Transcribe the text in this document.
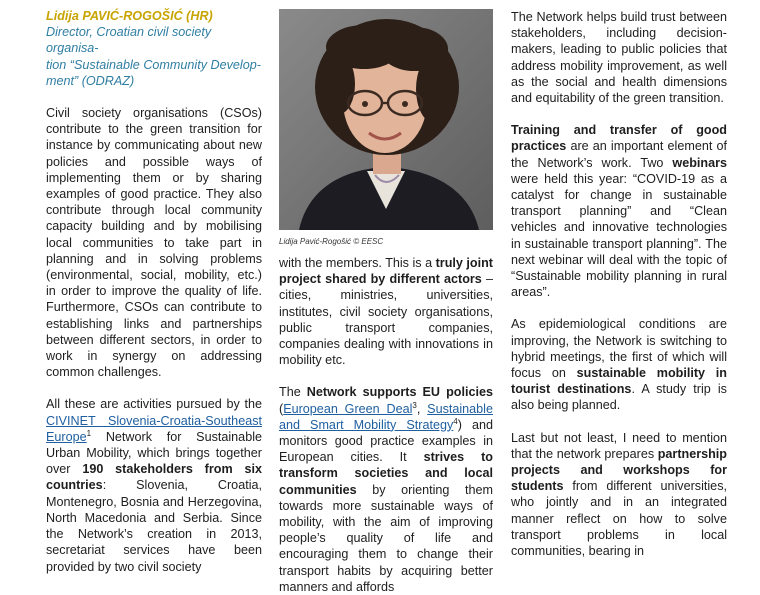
Lidija PAVIĆ-ROGOŠIĆ (HR)

Director, Croatian civil society organisa-
tion “Sustainable Community Develop-
ment” (ODRAZ)

Civil society organisations (CSOs) contribute to the green transition for instance by communicating about new policies and possible ways of implementing them or by sharing examples of good practice. They also contribute through local community capacity building and by mobilising local communities to take part in planning and in solving problems (environmental, social, mobility, etc.) in order to improve the quality of life. Furthermore, CSOs can contribute to establishing links and partnerships between different sectors, in order to work in synergy on addressing common challenges.

All these are activities pursued by the CIVINET Slovenia-Croatia-Southeast Europe$^1$ Network for Sustainable Urban Mobility, which brings together over 190 stakeholders from six countries: Slovenia, Croatia, Montenegro, Bosnia and Herzegovina, North Macedonia and Serbia. Since the Network’s creation in 2013, secretariat services have been provided by two civil society

Lidija Pavić-Rogošić © EESC

with the members. This is a truly joint project shared by different actors – cities, ministries, universities, institutes, civil society organisations, public transport companies, companies dealing with innovations in mobility etc.

The Network supports EU policies (European Green Deal$^3$, Sustainable and Smart Mobility Strategy$^4$) and monitors good practice examples in European cities. It strives to transform societies and local communities by orienting them towards more sustainable ways of mobility, with the aim of improving people’s quality of life and encouraging them to change their transport habits by acquiring better manners and affords

The Network helps build trust between stakeholders, including decision-makers, leading to public policies that address mobility improvement, as well as the social and health dimensions and equitability of the green transition.

Training and transfer of good practices are an important element of the Network’s work. Two webinars were held this year: “COVID-19 as a catalyst for change in sustainable transport planning” and “Clean vehicles and innovative technologies in sustainable transport planning”. The next webinar will deal with the topic of “Sustainable mobility planning in rural areas”.

As epidemiological conditions are improving, the Network is switching to hybrid meetings, the first of which will focus on sustainable mobility in tourist destinations. A study trip is also being planned.

Last but not least, I need to mention that the network prepares partnership projects and workshops for students from different universities, who jointly and in an integrated manner reflect on how to solve transport problems in local communities, bearing in
